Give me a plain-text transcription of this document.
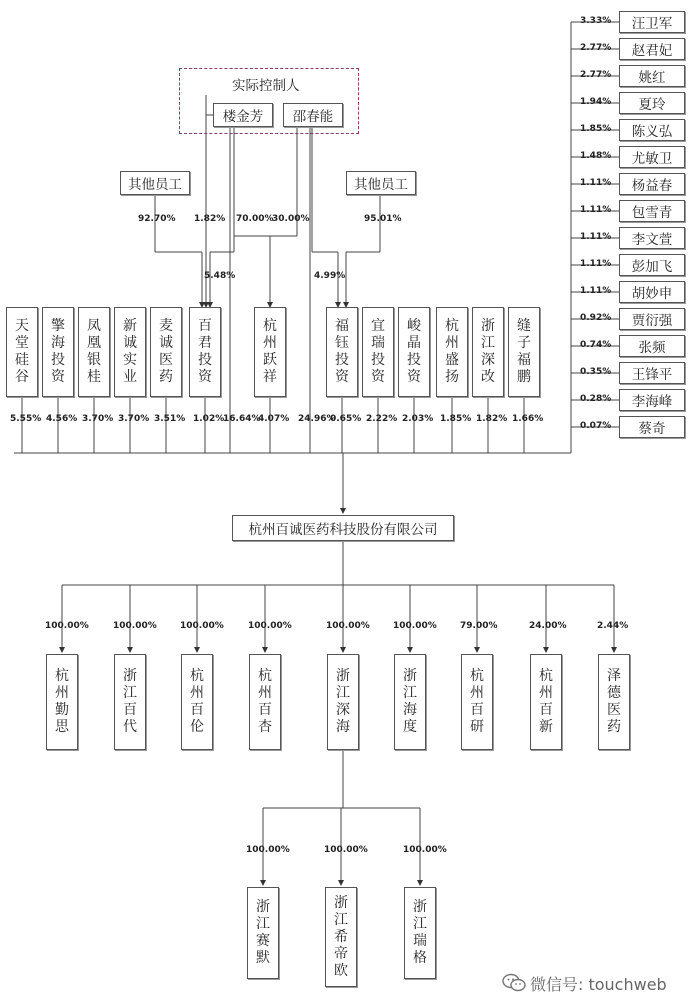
实际控制人
楼金芳	邵春能
其他员工	其他员工
天
堂
硅
谷
5.55%
擎
海
投
资
4.56%
凤
凰
银
桂
3.70%
新
诚
实
业
3.70%
麦
诚
医
药
3.51%
百
君
投
资
1.02%
杭
州
跃
祥
4.07%
福
钰
投
资
0.65%
宜
瑞
投
资
2.22%
峻
晶
投
资
2.03%
杭
州
盛
扬
1.85%
浙
江
深
改
1.82%
缝
子
福
鹏
1.66%
16.64%	24.96%
92.70% 1.82% 70.00%
30.00%
5.48%	4.99%
95.01%
汪卫军
3.33%
赵君妃
2.77%
姚红
2.77%
夏玲
1.94%
陈义弘
1.85%
尤敏卫
1.48%
杨益春
1.11%
包雪青
1.11%
李文萱
1.11%
彭加飞
1.11%
胡妙申
1.11%
贾衍强
0.92%
张频
0.74%
王锋平
0.35%
李海峰
0.28%
蔡奇
0.07%
杭州百诚医药科技股份有限公司
100.00%
杭
州
勤
思
100.00%
浙
江
百
代
100.00%
杭
州
百
伦
100.00%
杭
州
百
杏
100.00%
浙
江
深
海
100.00%
浙
江
海
度
79.00%
杭
州
百
研
24.00%
杭
州
百
新
2.44%
泽
德
医
药
100.00%
浙
江
赛
默
100.00%
浙
江
希
帝
欧
100.00%
浙
江
瑞
格
微信号: touchweb
